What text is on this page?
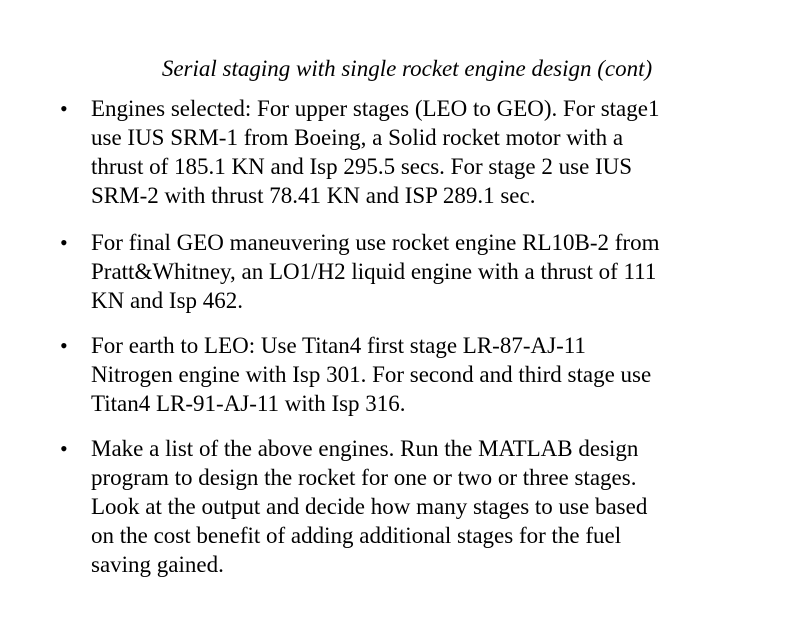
Serial staging with single rocket engine design (cont)
• Engines selected: For upper stages (LEO to GEO). For stage1
use IUS SRM-1 from Boeing, a Solid rocket motor with a
thrust of 185.1 KN and Isp 295.5 secs. For stage 2 use IUS
SRM-2 with thrust 78.41 KN and ISP 289.1 sec.
• For final GEO maneuvering use rocket engine RL10B-2 from
Pratt&Whitney, an LO1/H2 liquid engine with a thrust of 111
KN and Isp 462.
• For earth to LEO: Use Titan4 first stage LR-87-AJ-11
Nitrogen engine with Isp 301. For second and third stage use
Titan4 LR-91-AJ-11 with Isp 316.
• Make a list of the above engines. Run the MATLAB design
program to design the rocket for one or two or three stages.
Look at the output and decide how many stages to use based
on the cost benefit of adding additional stages for the fuel
saving gained.
